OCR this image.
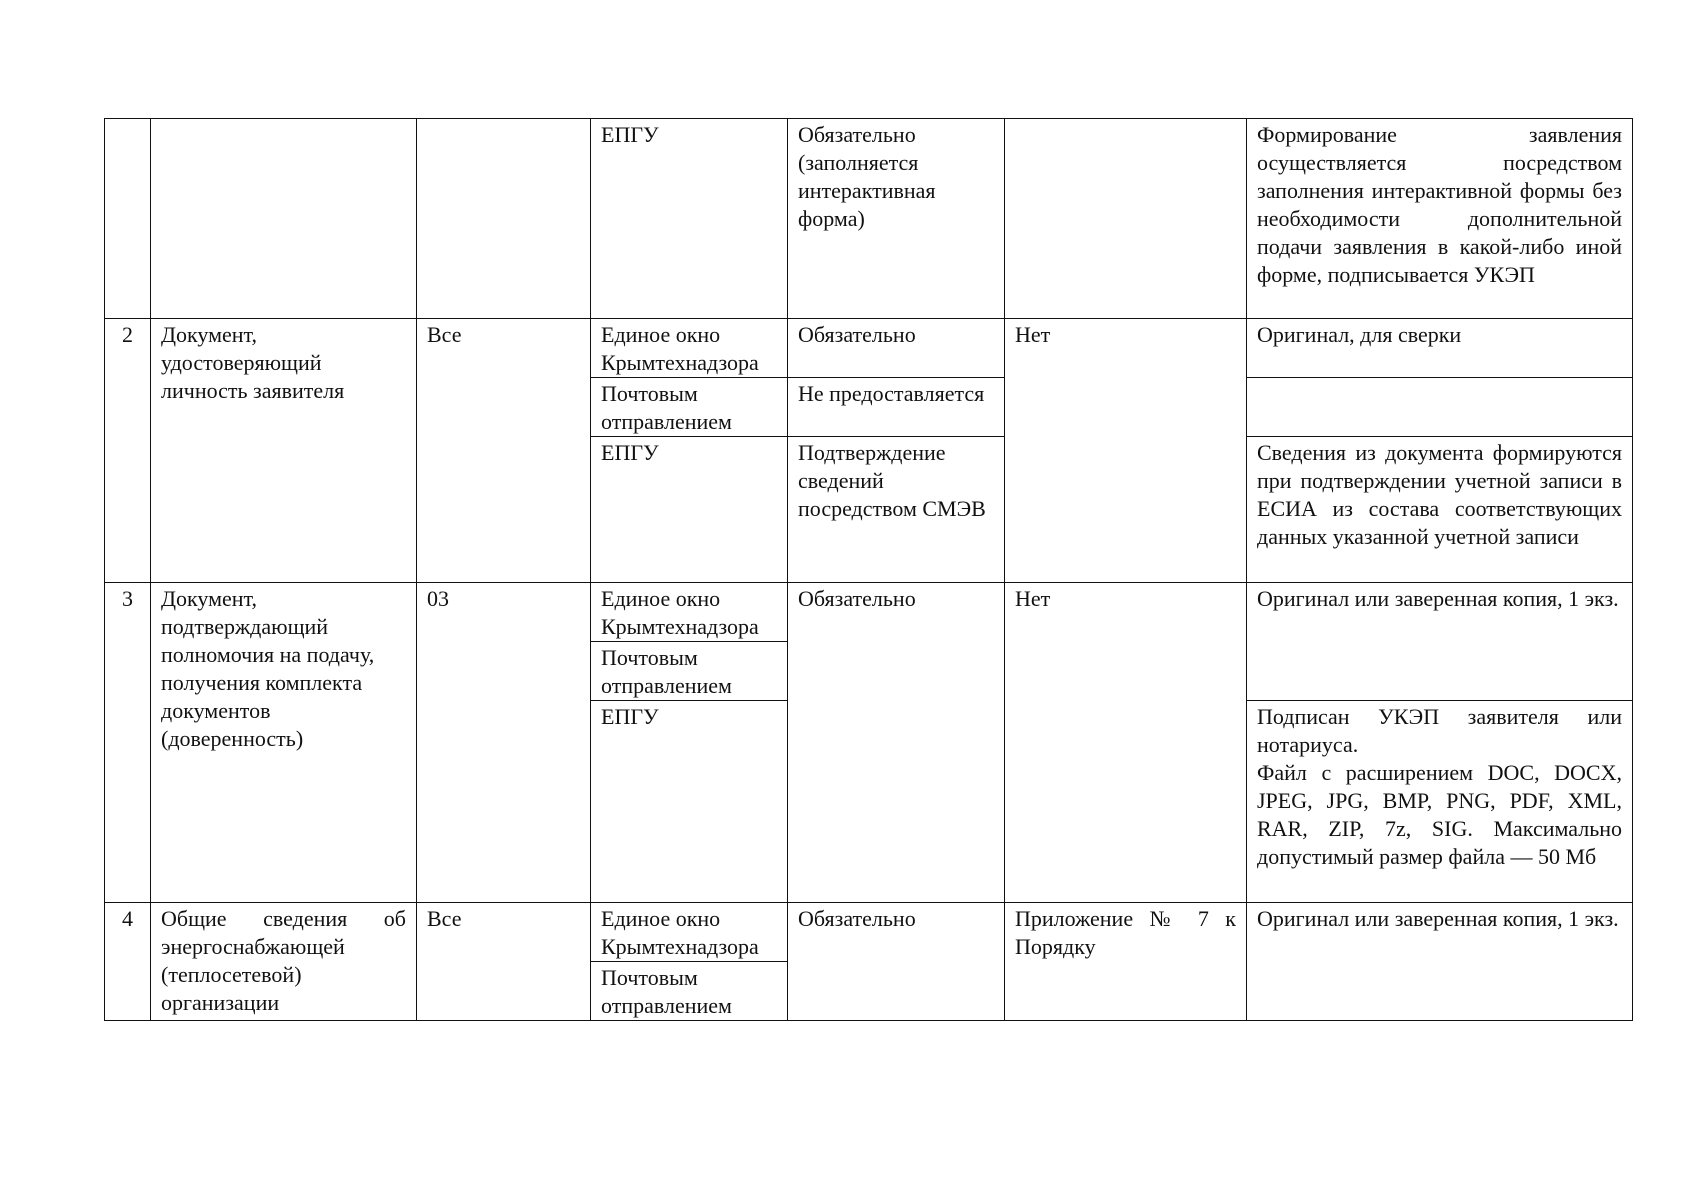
			ЕПГУ	Обязательно (заполняется интерактивная форма)		Формирование заявления осуществляется посредством заполнения интерактивной формы без необходимости дополнительной подачи заявления в какой-либо иной форме, подписывается УКЭП
2	Документ, удостоверяющий личность заявителя	Все	Единое окно Крымтехнадзора	Обязательно	Нет	Оригинал, для сверки
			Почтовым отправлением	Не предоставляется		
			ЕПГУ	Подтверждение сведений посредством СМЭВ		Сведения из документа формируются при подтверждении учетной записи в ЕСИА из состава соответствующих данных указанной учетной записи
3	Документ, подтверждающий полномочия на подачу, получения комплекта документов (доверенность)	03	Единое окно Крымтехнадзора	Обязательно	Нет	Оригинал или заверенная копия, 1 экз.
			Почтовым отправлением			
			ЕПГУ			Подписан УКЭП заявителя или нотариуса.
Файл с расширением DOC, DOCX, JPEG, JPG, BMP, PNG, PDF, XML, RAR, ZIP, 7z, SIG. Максимально допустимый размер файла — 50 Мб
4	Общие сведения об энергоснабжающей (теплосетевой) организации	Все	Единое окно Крымтехнадзора	Обязательно	Приложение № 7 к Порядку	Оригинал или заверенная копия, 1 экз.
			Почтовым отправлением			
